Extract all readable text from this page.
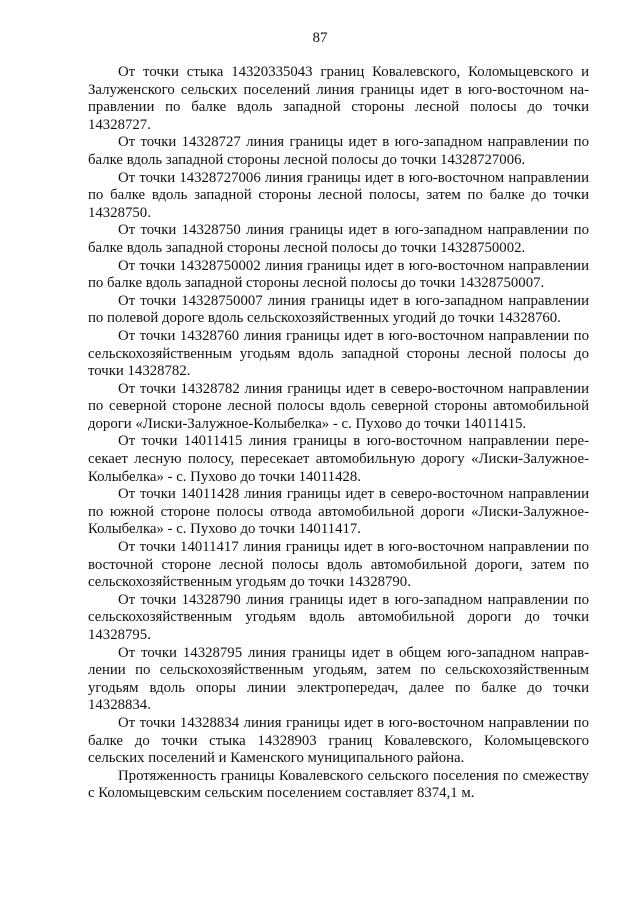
87

От точки стыка 14320335043 границ Ковалевского, Коломыцевского и Залуженского сельских поселений линия границы идет в юго-восточном направлении по балке вдоль западной стороны лесной полосы до точки 14328727.

От точки 14328727 линия границы идет в юго-западном направлении по балке вдоль западной стороны лесной полосы до точки 14328727006.

От точки 14328727006 линия границы идет в юго-восточном направлении по балке вдоль западной стороны лесной полосы, затем по балке до точки 14328750.

От точки 14328750 линия границы идет в юго-западном направлении по балке вдоль западной стороны лесной полосы до точки 14328750002.

От точки 14328750002 линия границы идет в юго-восточном направлении по балке вдоль западной стороны лесной полосы до точки 14328750007.

От точки 14328750007 линия границы идет в юго-западном направлении по полевой дороге вдоль сельскохозяйственных угодий до точки 14328760.

От точки 14328760 линия границы идет в юго-восточном направлении по сельскохозяйственным угодьям вдоль западной стороны лесной полосы до точки 14328782.

От точки 14328782 линия границы идет в северо-восточном направлении по северной стороне лесной полосы вдоль северной стороны автомобильной дороги «Лиски-Залужное-Колыбелка» - с. Пухово до точки 14011415.

От точки 14011415 линия границы в юго-восточном направлении пересекает лесную полосу, пересекает автомобильную дорогу «Лиски-Залужное-Колыбелка» - с. Пухово до точки 14011428.

От точки 14011428 линия границы идет в северо-восточном направлении по южной стороне полосы отвода автомобильной дороги «Лиски-Залужное-Колыбелка» - с. Пухово до точки 14011417.

От точки 14011417 линия границы идет в юго-восточном направлении по восточной стороне лесной полосы вдоль автомобильной дороги, затем по сельскохозяйственным угодьям до точки 14328790.

От точки 14328790 линия границы идет в юго-западном направлении по сельскохозяйственным угодьям вдоль автомобильной дороги до точки 14328795.

От точки 14328795 линия границы идет в общем юго-западном направлении по сельскохозяйственным угодьям, затем по сельскохозяйственным угодьям вдоль опоры линии электропередач, далее по балке до точки 14328834.

От точки 14328834 линия границы идет в юго-восточном направлении по балке до точки стыка 14328903 границ Ковалевского, Коломыцевского сельских поселений и Каменского муниципального района.

Протяженность границы Ковалевского сельского поселения по смежеству с Коломыцевским сельским поселением составляет 8374,1 м.
